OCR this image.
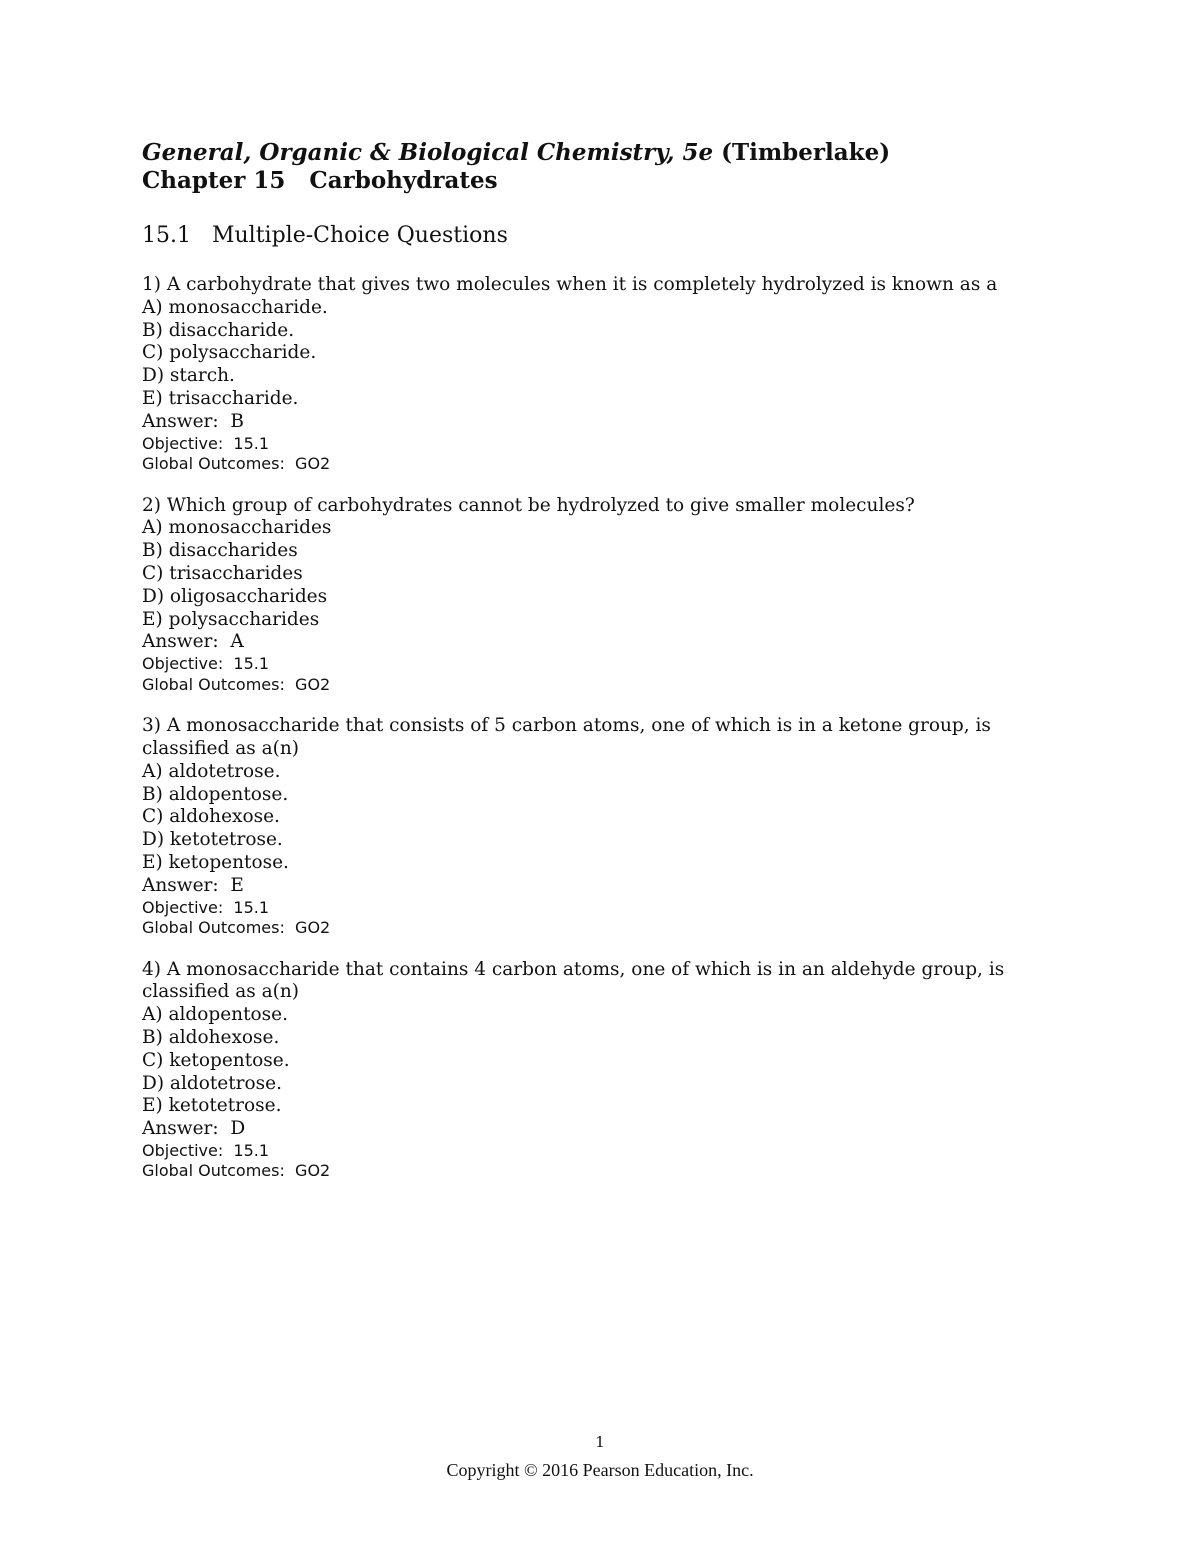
General, Organic & Biological Chemistry, 5e (Timberlake)

Chapter 15   Carbohydrates

15.1   Multiple-Choice Questions

1) A carbohydrate that gives two molecules when it is completely hydrolyzed is known as a

A) monosaccharide.

B) disaccharide.

C) polysaccharide.

D) starch.

E) trisaccharide.

Answer:  B

Objective:  15.1

Global Outcomes:  GO2

2) Which group of carbohydrates cannot be hydrolyzed to give smaller molecules?

A) monosaccharides

B) disaccharides

C) trisaccharides

D) oligosaccharides

E) polysaccharides

Answer:  A

Objective:  15.1

Global Outcomes:  GO2

3) A monosaccharide that consists of 5 carbon atoms, one of which is in a ketone group, is classified as a(n)

A) aldotetrose.

B) aldopentose.

C) aldohexose.

D) ketotetrose.

E) ketopentose.

Answer:  E

Objective:  15.1

Global Outcomes:  GO2

4) A monosaccharide that contains 4 carbon atoms, one of which is in an aldehyde group, is classified as a(n)

A) aldopentose.

B) aldohexose.

C) ketopentose.

D) aldotetrose.

E) ketotetrose.

Answer:  D

Objective:  15.1

Global Outcomes:  GO2

1
Copyright © 2016 Pearson Education, Inc.
